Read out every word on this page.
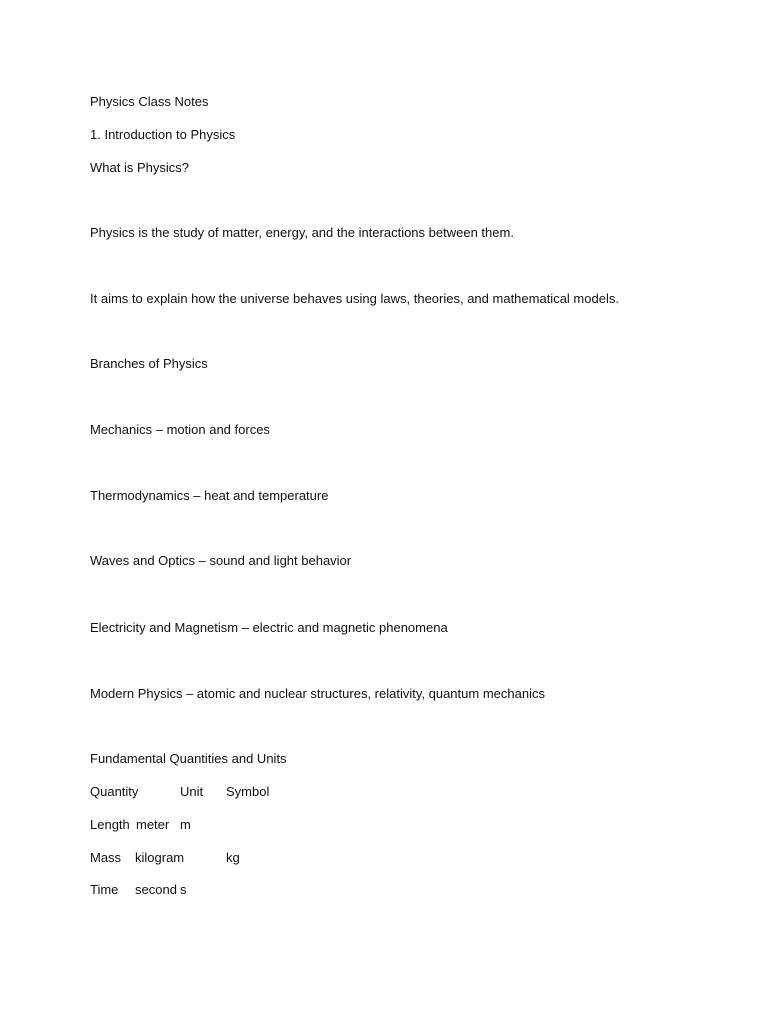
Physics Class Notes

1. Introduction to Physics

What is Physics?

Physics is the study of matter, energy, and the interactions between them.

It aims to explain how the universe behaves using laws, theories, and mathematical models.

Branches of Physics

Mechanics – motion and forces

Thermodynamics – heat and temperature

Waves and Optics – sound and light behavior

Electricity and Magnetism – electric and magnetic phenomena

Modern Physics – atomic and nuclear structures, relativity, quantum mechanics

Fundamental Quantities and Units

Quantity	Unit Symbol
Length meter m
Mass kilogram	kg
Time second s
